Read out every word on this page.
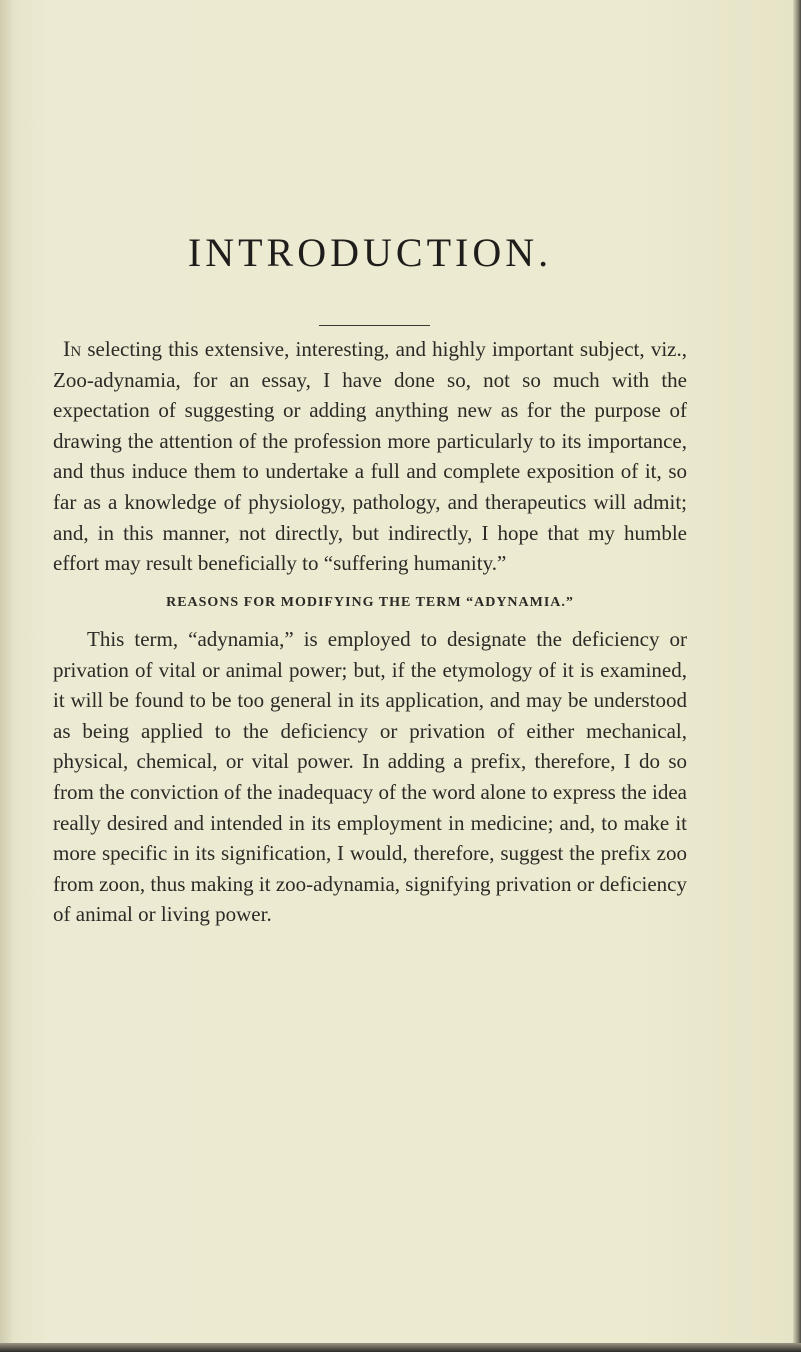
INTRODUCTION.

In selecting this extensive, interesting, and highly important subject, viz., Zoo-adynamia, for an essay, I have done so, not so much with the expectation of suggesting or adding anything new as for the purpose of drawing the attention of the profession more particularly to its importance, and thus induce them to undertake a full and complete exposition of it, so far as a knowledge of physiology, pathology, and therapeutics will admit; and, in this manner, not directly, but indirectly, I hope that my humble effort may result beneficially to “suffering humanity.”

REASONS FOR MODIFYING THE TERM “ADYNAMIA.”

This term, “adynamia,” is employed to designate the deficiency or privation of vital or animal power; but, if the etymology of it is examined, it will be found to be too general in its application, and may be understood as being applied to the deficiency or privation of either mechanical, physical, chemical, or vital power. In adding a prefix, therefore, I do so from the conviction of the inadequacy of the word alone to express the idea really desired and intended in its employment in medicine; and, to make it more specific in its signification, I would, therefore, suggest the prefix zoo from zoon, thus making it zoo-adynamia, signifying privation or deficiency of animal or living power.
